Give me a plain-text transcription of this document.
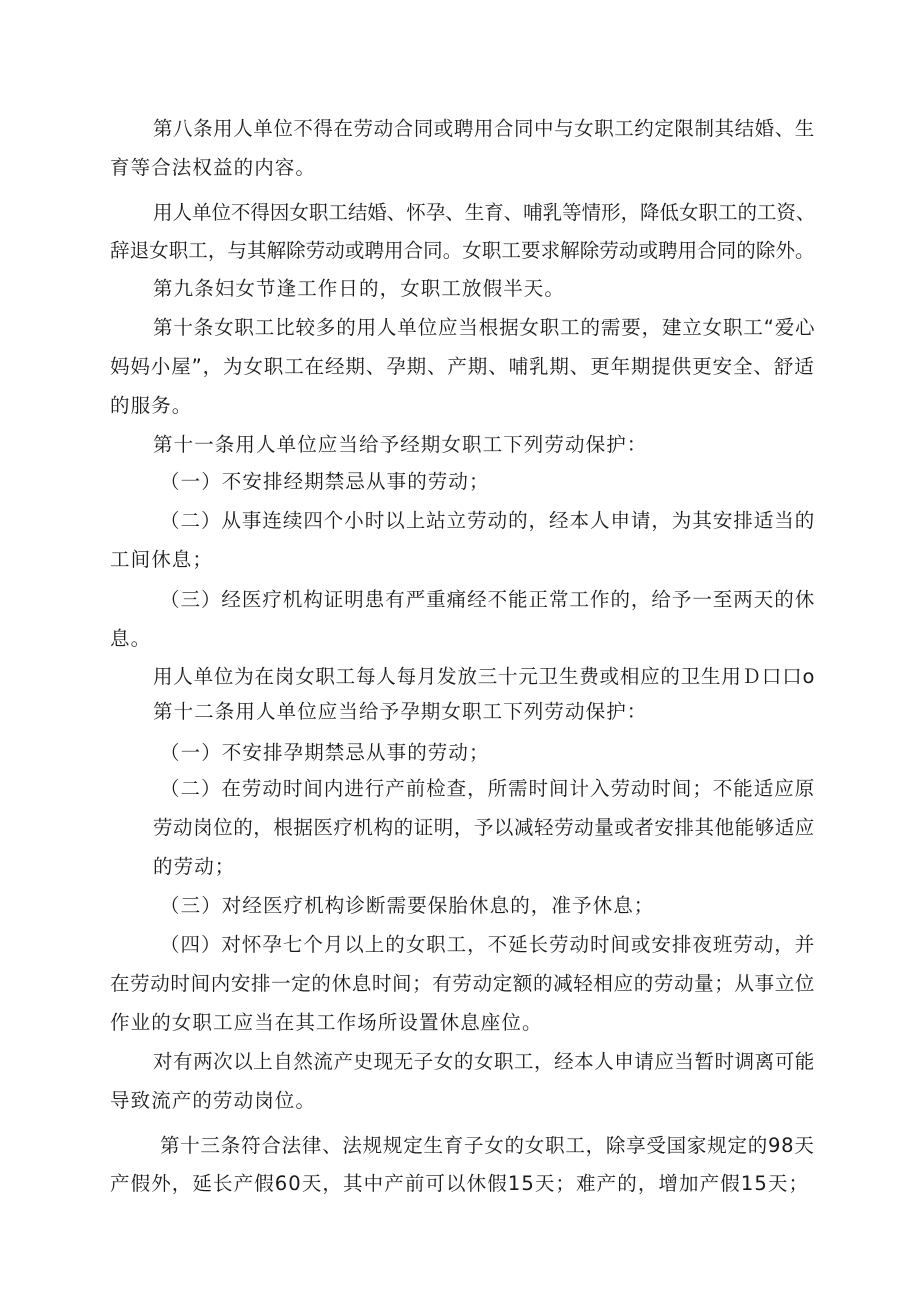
第八条用人单位不得在劳动合同或聘用合同中与女职工约定限制其结婚、生
育等合法权益的内容。
用人单位不得因女职工结婚、怀孕、生育、哺乳等情形，降低女职工的工资、
辞退女职工，与其解除劳动或聘用合同。女职工要求解除劳动或聘用合同的除外。
第九条妇女节逢工作日的，女职工放假半天。
第十条女职工比较多的用人单位应当根据女职工的需要，建立女职工“爱心
妈妈小屋”，为女职工在经期、孕期、产期、哺乳期、更年期提供更安全、舒适
的服务。
第十一条用人单位应当给予经期女职工下列劳动保护：
（一）不安排经期禁忌从事的劳动；
（二）从事连续四个小时以上站立劳动的，经本人申请，为其安排适当的
工间休息；
（三）经医疗机构证明患有严重痛经不能正常工作的，给予一至两天的休
息。
用人单位为在岗女职工每人每月发放三十元卫生费或相应的卫生用Ｄ口口o
第十二条用人单位应当给予孕期女职工下列劳动保护：
（一）不安排孕期禁忌从事的劳动；
（二）在劳动时间内进行产前检查，所需时间计入劳动时间；不能适应原
劳动岗位的，根据医疗机构的证明，予以减轻劳动量或者安排其他能够适应
的劳动；
（三）对经医疗机构诊断需要保胎休息的，准予休息；
（四）对怀孕七个月以上的女职工，不延长劳动时间或安排夜班劳动，并
在劳动时间内安排一定的休息时间；有劳动定额的减轻相应的劳动量；从事立位
作业的女职工应当在其工作场所设置休息座位。
对有两次以上自然流产史现无子女的女职工，经本人申请应当暂时调离可能
导致流产的劳动岗位。
第十三条符合法律、法规规定生育子女的女职工，除享受国家规定的98天
产假外，延长产假60天，其中产前可以休假15天；难产的，增加产假15天；
